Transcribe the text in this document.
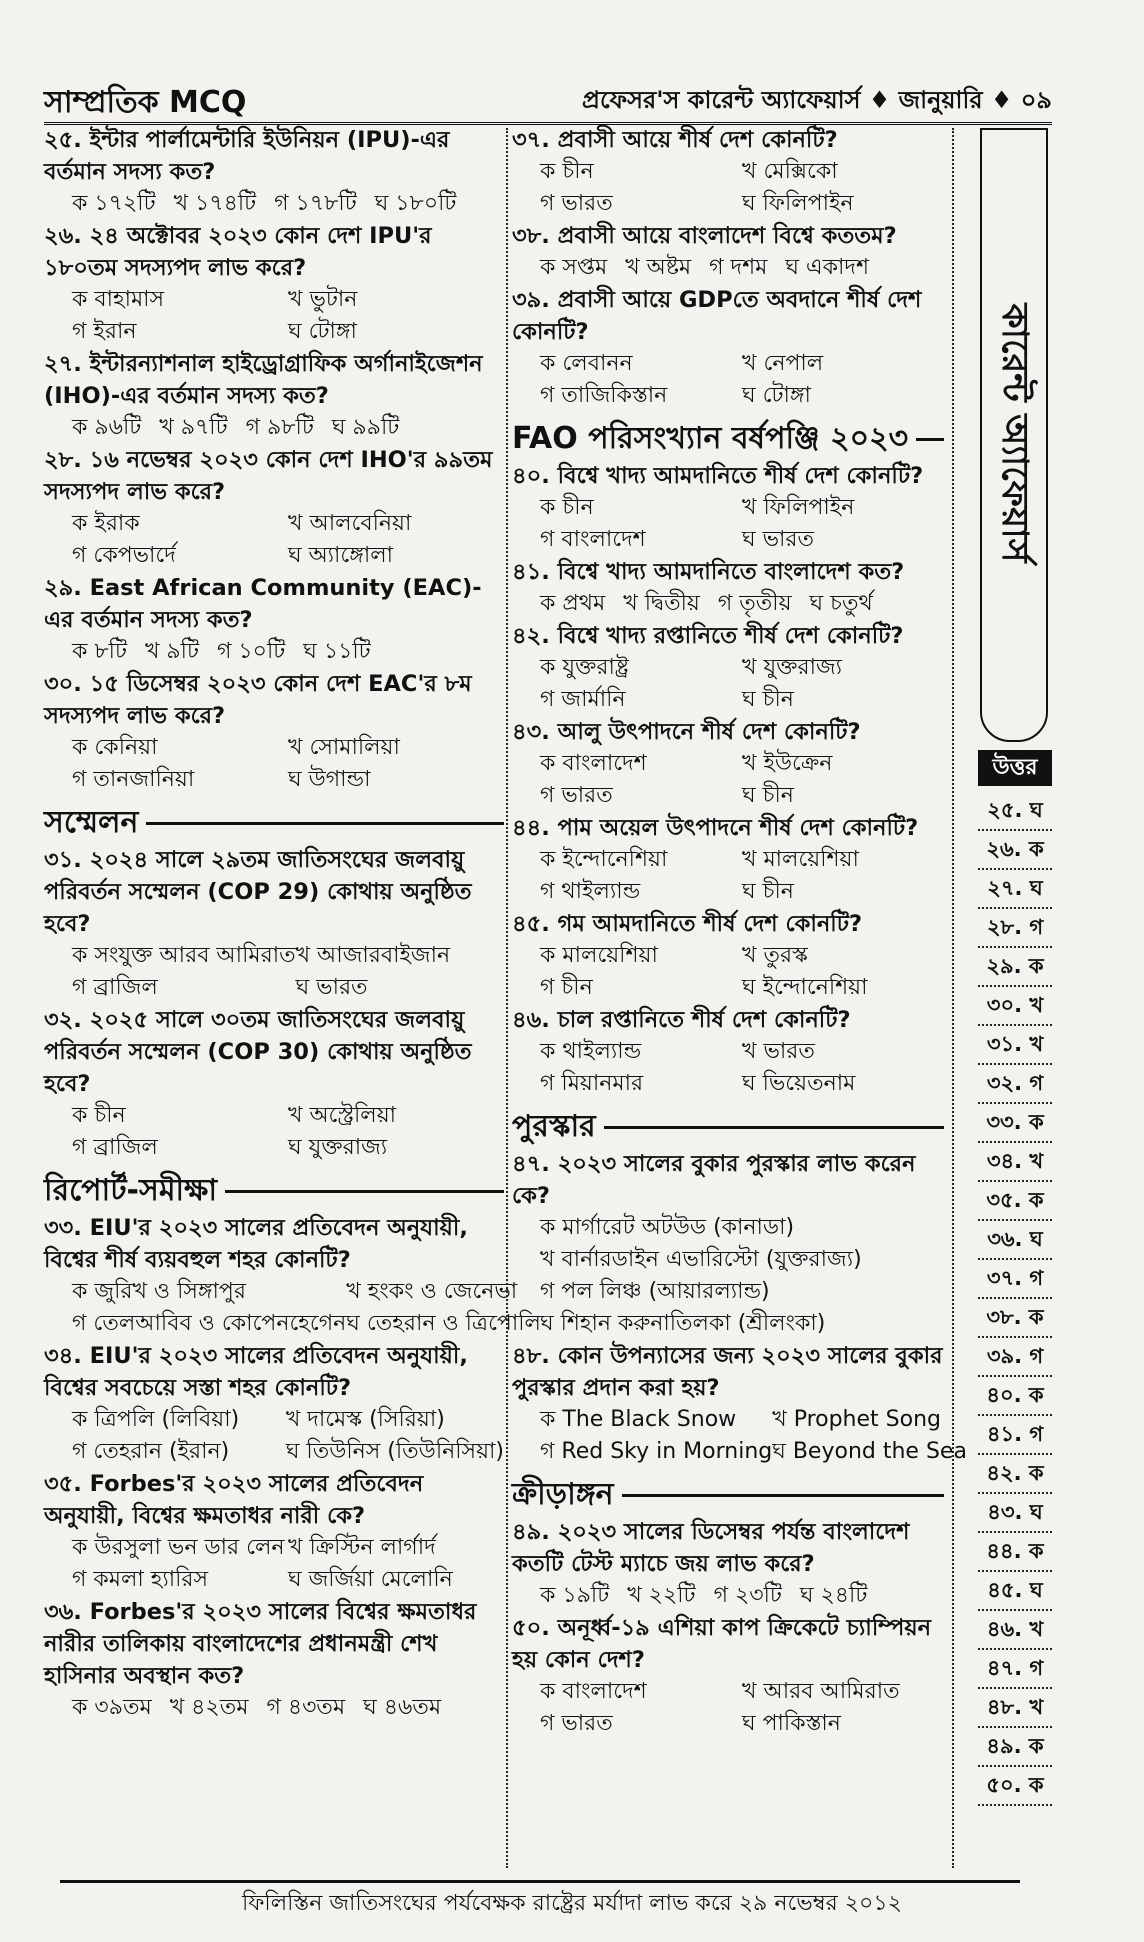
সাম্প্রতিক MCQ	প্রফেসর'স কারেন্ট অ্যাফেয়ার্স ♦ জানুয়ারি ♦ ০৯
২৫. ইন্টার পার্লামেন্টারি ইউনিয়ন (IPU)-এর বর্তমান সদস্য কত?
ক ১৭২টি খ ১৭৪টি গ ১৭৮টি ঘ ১৮০টি
২৬. ২৪ অক্টোবর ২০২৩ কোন দেশ IPU'র ১৮০তম সদস্যপদ লাভ করে?
ক বাহামাস	খ ভুটান
গ ইরান	ঘ টোঙ্গা
২৭. ইন্টারন্যাশনাল হাইড্রোগ্রাফিক অর্গানাইজেশন (IHO)-এর বর্তমান সদস্য কত?
ক ৯৬টি খ ৯৭টি গ ৯৮টি ঘ ৯৯টি
২৮. ১৬ নভেম্বর ২০২৩ কোন দেশ IHO'র ৯৯তম সদস্যপদ লাভ করে?
ক ইরাক	খ আলবেনিয়া
গ কেপভার্দে	ঘ অ্যাঙ্গোলা
২৯. East African Community (EAC)-এর বর্তমান সদস্য কত?
ক ৮টি খ ৯টি গ ১০টি ঘ ১১টি
৩০. ১৫ ডিসেম্বর ২০২৩ কোন দেশ EAC'র ৮ম সদস্যপদ লাভ করে?
ক কেনিয়া	খ সোমালিয়া
গ তানজানিয়া	ঘ উগান্ডা
সম্মেলন
৩১. ২০২৪ সালে ২৯তম জাতিসংঘের জলবায়ু পরিবর্তন সম্মেলন (COP 29) কোথায় অনুষ্ঠিত হবে?
ক সংযুক্ত আরব আমিরাত খ আজারবাইজান
গ ব্রাজিল	ঘ ভারত
৩২. ২০২৫ সালে ৩০তম জাতিসংঘের জলবায়ু পরিবর্তন সম্মেলন (COP 30) কোথায় অনুষ্ঠিত হবে?
ক চীন	খ অস্ট্রেলিয়া
গ ব্রাজিল	ঘ যুক্তরাজ্য
রিপোর্ট-সমীক্ষা
৩৩. EIU'র ২০২৩ সালের প্রতিবেদন অনুযায়ী, বিশ্বের শীর্ষ ব্যয়বহুল শহর কোনটি?
ক জুরিখ ও সিঙ্গাপুর	খ হংকং ও জেনেভা
গ তেলআবিব ও কোপেনহেগেন ঘ তেহরান ও ত্রিপোলি
৩৪. EIU'র ২০২৩ সালের প্রতিবেদন অনুযায়ী, বিশ্বের সবচেয়ে সস্তা শহর কোনটি?
ক ত্রিপলি (লিবিয়া)	খ দামেস্ক (সিরিয়া)
গ তেহরান (ইরান)	ঘ তিউনিস (তিউনিসিয়া)
৩৫. Forbes'র ২০২৩ সালের প্রতিবেদন অনুযায়ী, বিশ্বের ক্ষমতাধর নারী কে?
ক উরসুলা ভন ডার লেন খ ক্রিস্টিন লার্গার্দ
গ কমলা হ্যারিস	ঘ জর্জিয়া মেলোনি
৩৬. Forbes'র ২০২৩ সালের বিশ্বের ক্ষমতাধর নারীর তালিকায় বাংলাদেশের প্রধানমন্ত্রী শেখ হাসিনার অবস্থান কত?
ক ৩৯তম খ ৪২তম গ ৪৩তম ঘ ৪৬তম
৩৭. প্রবাসী আয়ে শীর্ষ দেশ কোনটি?
ক চীন	খ মেক্সিকো
গ ভারত	ঘ ফিলিপাইন
৩৮. প্রবাসী আয়ে বাংলাদেশ বিশ্বে কততম?
ক সপ্তম খ অষ্টম গ দশম ঘ একাদশ
৩৯. প্রবাসী আয়ে GDPতে অবদানে শীর্ষ দেশ কোনটি?
ক লেবানন	খ নেপাল
গ তাজিকিস্তান	ঘ টোঙ্গা
FAO পরিসংখ্যান বর্ষপঞ্জি ২০২৩
৪০. বিশ্বে খাদ্য আমদানিতে শীর্ষ দেশ কোনটি?
ক চীন	খ ফিলিপাইন
গ বাংলাদেশ	ঘ ভারত
৪১. বিশ্বে খাদ্য আমদানিতে বাংলাদেশ কত?
ক প্রথম খ দ্বিতীয় গ তৃতীয় ঘ চতুর্থ
৪২. বিশ্বে খাদ্য রপ্তানিতে শীর্ষ দেশ কোনটি?
ক যুক্তরাষ্ট্র	খ যুক্তরাজ্য
গ জার্মানি	ঘ চীন
৪৩. আলু উৎপাদনে শীর্ষ দেশ কোনটি?
ক বাংলাদেশ	খ ইউক্রেন
গ ভারত	ঘ চীন
৪৪. পাম অয়েল উৎপাদনে শীর্ষ দেশ কোনটি?
ক ইন্দোনেশিয়া	খ মালয়েশিয়া
গ থাইল্যান্ড	ঘ চীন
৪৫. গম আমদানিতে শীর্ষ দেশ কোনটি?
ক মালয়েশিয়া	খ তুরস্ক
গ চীন	ঘ ইন্দোনেশিয়া
৪৬. চাল রপ্তানিতে শীর্ষ দেশ কোনটি?
ক থাইল্যান্ড	খ ভারত
গ মিয়ানমার	ঘ ভিয়েতনাম
পুরস্কার
৪৭. ২০২৩ সালের বুকার পুরস্কার লাভ করেন কে?
ক মার্গারেট অটউড (কানাডা)
খ বার্নারডাইন এভারিস্টো (যুক্তরাজ্য)
গ পল লিঞ্চ (আয়ারল্যান্ড)
ঘ শিহান করুনাতিলকা (শ্রীলংকা)
৪৮. কোন উপন্যাসের জন্য ২০২৩ সালের বুকার পুরস্কার প্রদান করা হয়?
ক The Black Snow	খ Prophet Song
গ Red Sky in Morning ঘ Beyond the Sea
ক্রীড়াঙ্গন
৪৯. ২০২৩ সালের ডিসেম্বর পর্যন্ত বাংলাদেশ কতটি টেস্ট ম্যাচে জয় লাভ করে?
ক ১৯টি খ ২২টি গ ২৩টি ঘ ২৪টি
৫০. অনূর্ধ্ব-১৯ এশিয়া কাপ ক্রিকেটে চ্যাম্পিয়ন হয় কোন দেশ?
ক বাংলাদেশ	খ আরব আমিরাত
গ ভারত	ঘ পাকিস্তান
কারেন্ট অ্যাফেয়ার্স
উত্তর
২৫. ঘ
২৬. ক
২৭. ঘ
২৮. গ
২৯. ক
৩০. খ
৩১. খ
৩২. গ
৩৩. ক
৩৪. খ
৩৫. ক
৩৬. ঘ
৩৭. গ
৩৮. ক
৩৯. গ
৪০. ক
৪১. গ
৪২. ক
৪৩. ঘ
৪৪. ক
৪৫. ঘ
৪৬. খ
৪৭. গ
৪৮. খ
৪৯. ক
৫০. ক
ফিলিস্তিন জাতিসংঘের পর্যবেক্ষক রাষ্ট্রের মর্যাদা লাভ করে ২৯ নভেম্বর ২০১২
